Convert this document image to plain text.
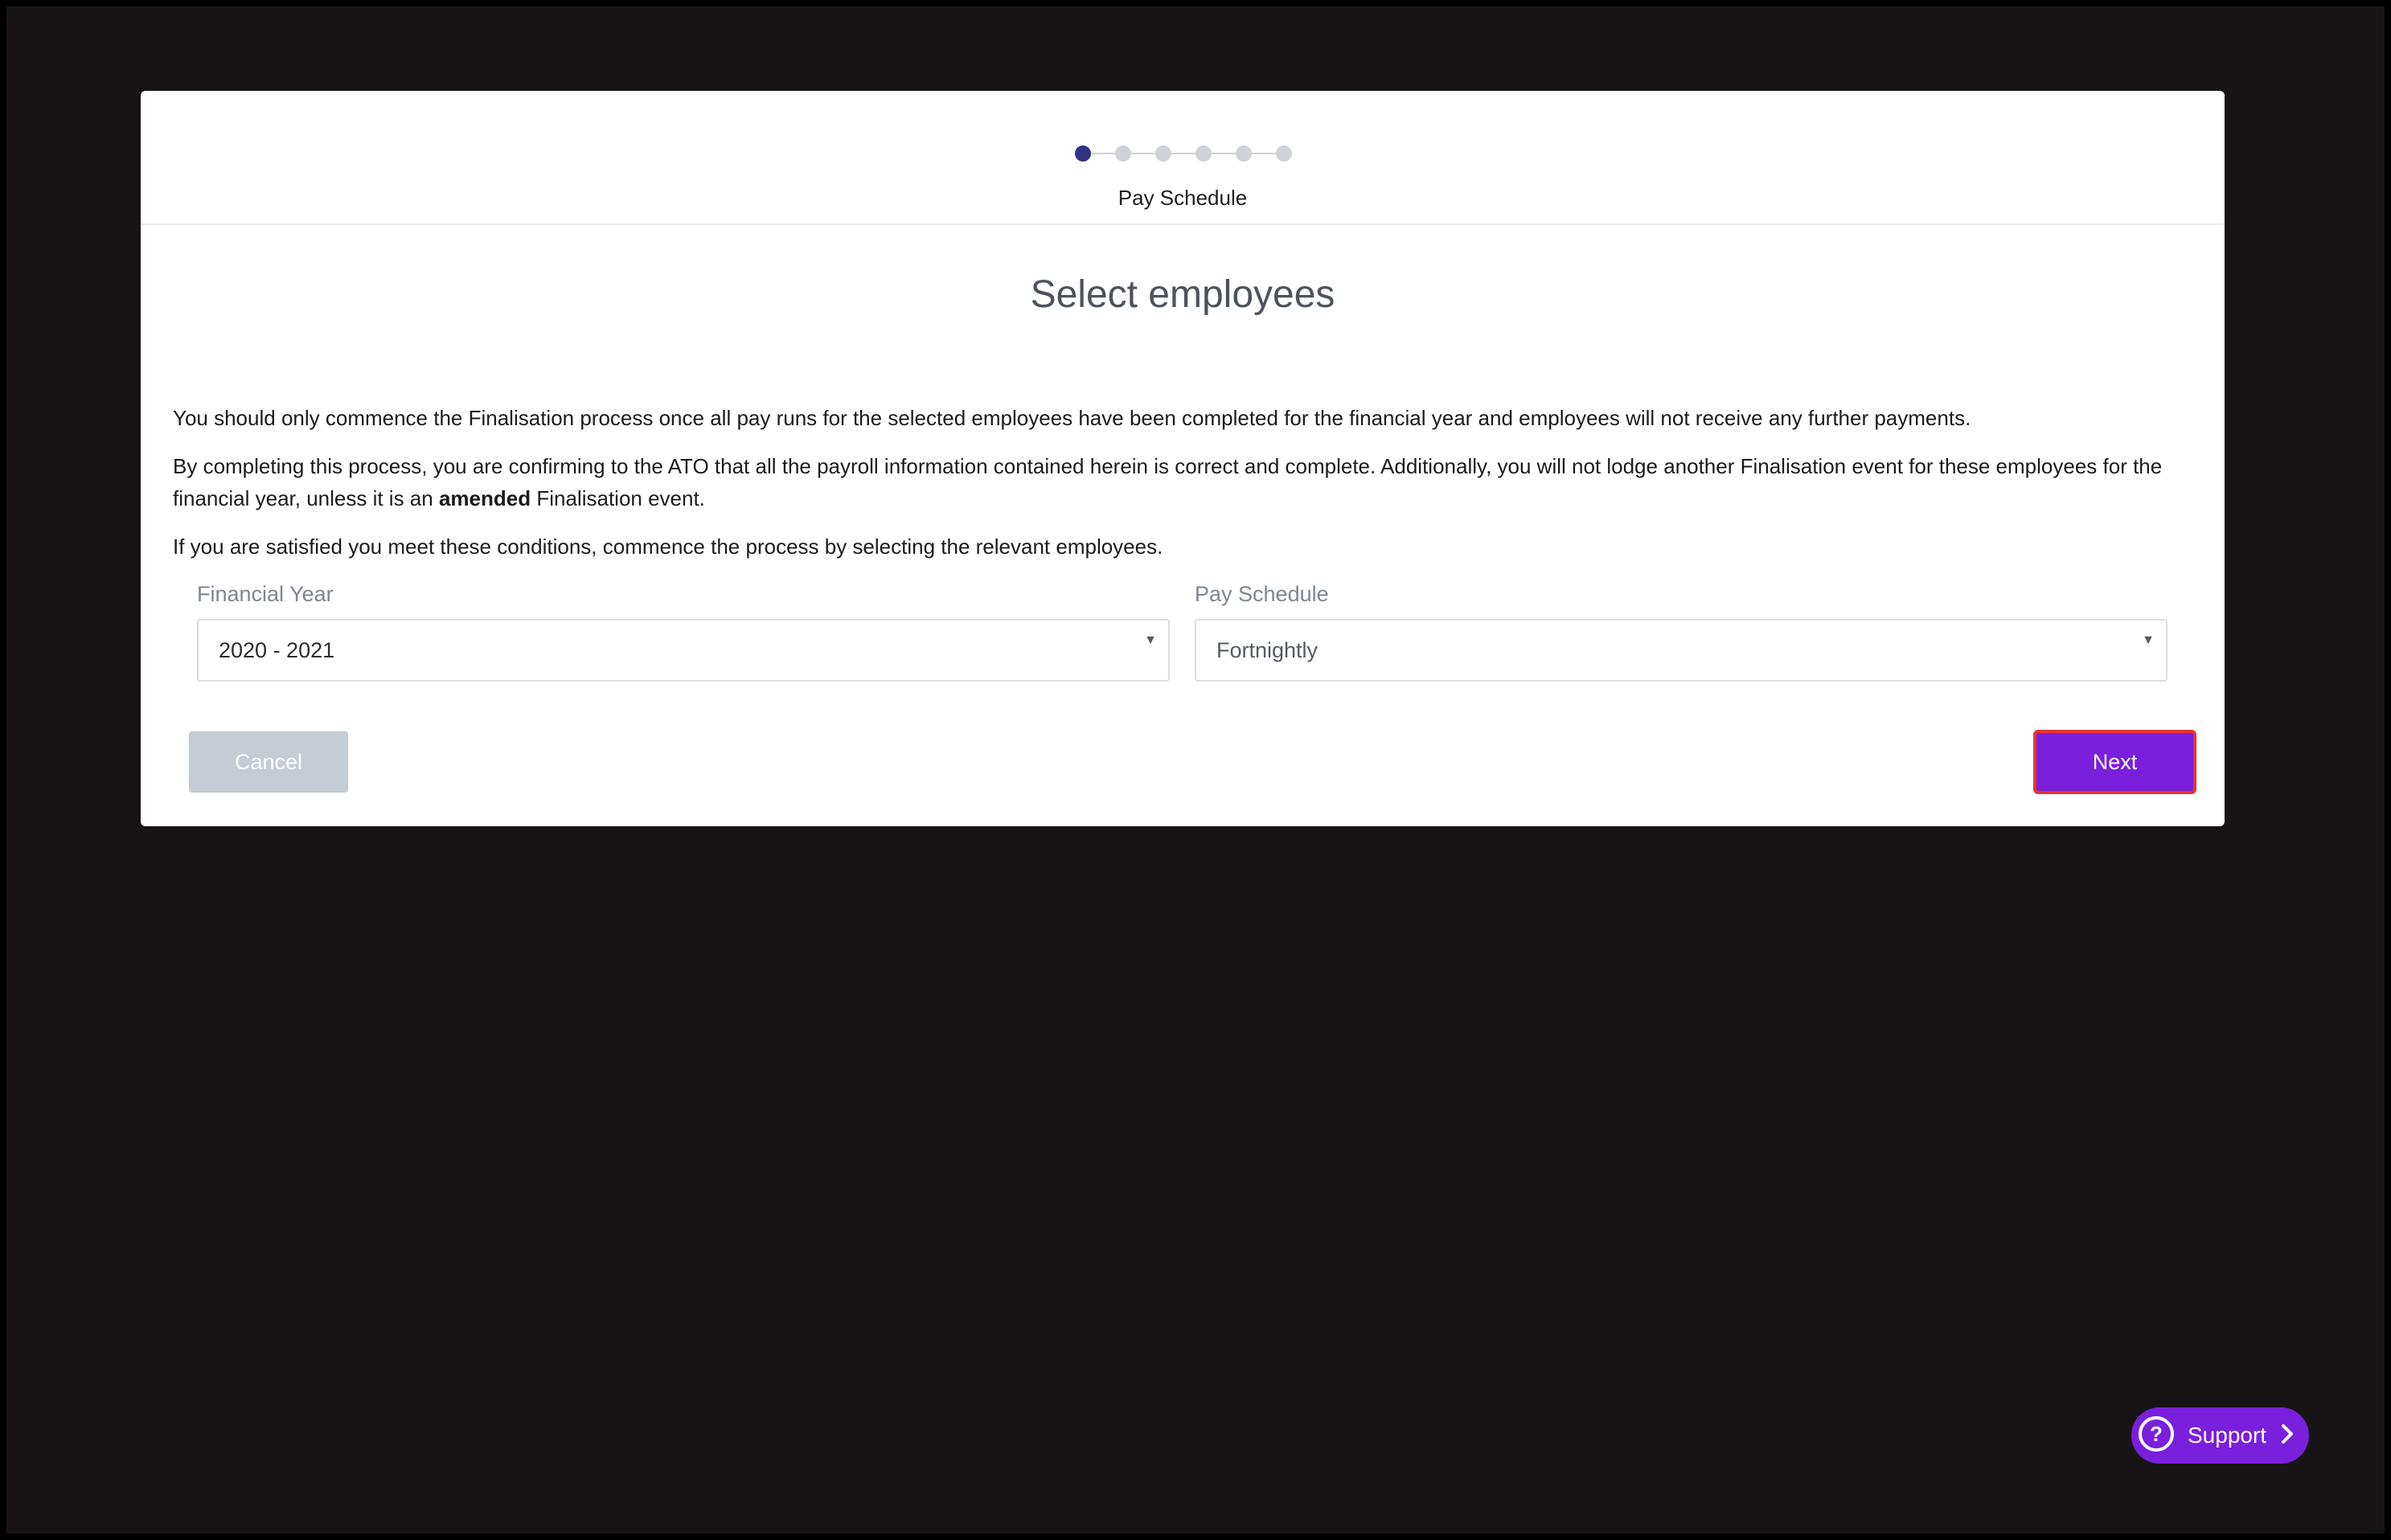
Pay Schedule
Select employees

You should only commence the Finalisation process once all pay runs for the selected employees have been completed for the financial year and employees will not receive any further payments.

By completing this process, you are confirming to the ATO that all the payroll information contained herein is correct and complete. Additionally, you will not lodge another Finalisation event for these employees for the financial year, unless it is an amended Finalisation event.

If you are satisfied you meet these conditions, commence the process by selecting the relevant employees.

Financial Year
2020 - 2021	▼
Pay Schedule
Fortnightly	▼
Cancel	Next
?	Support
